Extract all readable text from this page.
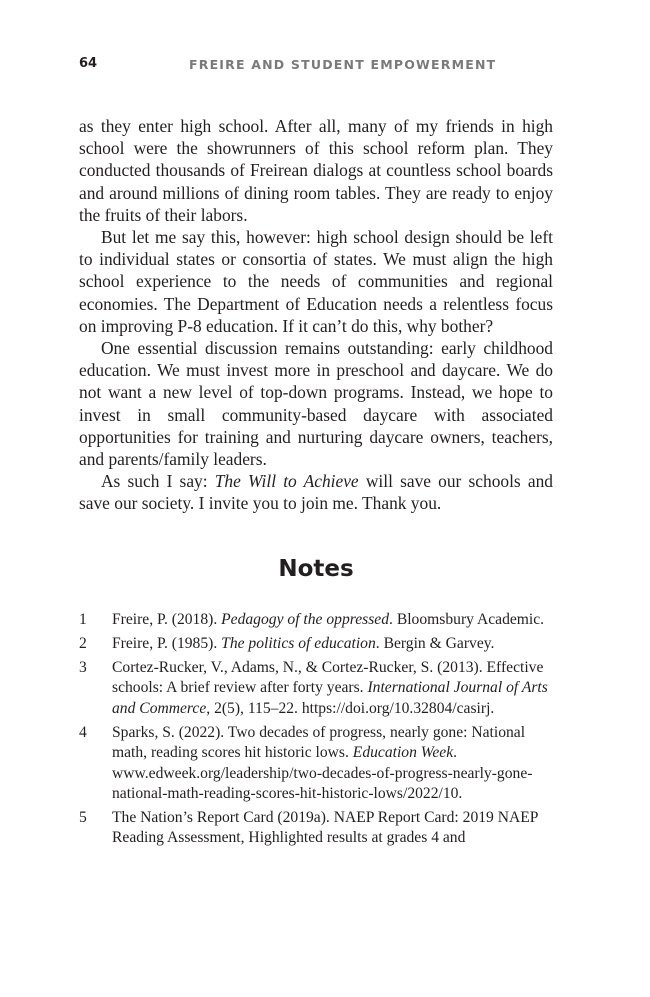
64	FREIRE AND STUDENT EMPOWERMENT

as they enter high school. After all, many of my friends in high school were the showrunners of this school reform plan. They conducted thousands of Freirean dialogs at countless school boards and around millions of dining room tables. They are ready to enjoy the fruits of their labors.

But let me say this, however: high school design should be left to individual states or consortia of states. We must align the high school experience to the needs of communities and regional economies. The Department of Education needs a relentless focus on improving P-8 education. If it can’t do this, why bother?

One essential discussion remains outstanding: early childhood education. We must invest more in preschool and daycare. We do not want a new level of top-down programs. Instead, we hope to invest in small community-based daycare with associated opportunities for training and nurturing daycare owners, teachers, and parents/family leaders.

As such I say: The Will to Achieve will save our schools and save our society. I invite you to join me. Thank you.

Notes
1 Freire, P. (2018). Pedagogy of the oppressed. Bloomsbury Academic.
2 Freire, P. (1985). The politics of education. Bergin & Garvey.
3 Cortez-Rucker, V., Adams, N., & Cortez-Rucker, S. (2013). Effective schools: A brief review after forty years. International Journal of Arts and Commerce, 2(5), 115–22. https://doi.org/10.32804/casirj.
4 Sparks, S. (2022). Two decades of progress, nearly gone: National math, reading scores hit historic lows. Education Week. www.edweek.org/leadership/two-decades-of-progress-nearly-gone-national-math-reading-scores-hit-historic-lows/2022/10.
5 The Nation’s Report Card (2019a). NAEP Report Card: 2019 NAEP Reading Assessment, Highlighted results at grades 4 and
